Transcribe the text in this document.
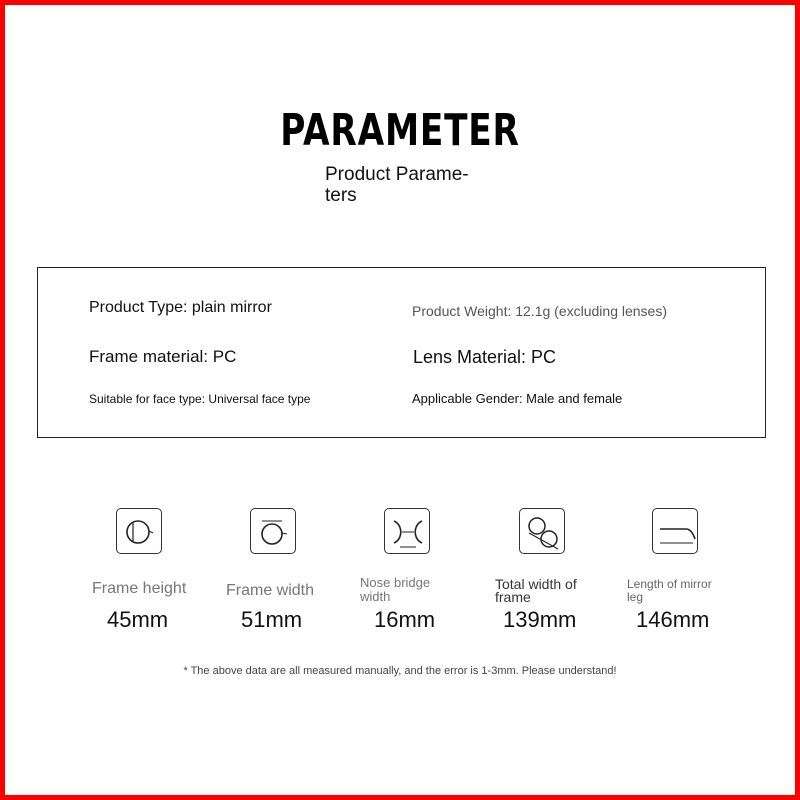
PARAMETER
Product Parame-
ters
Product Type: plain mirror	Product Weight: 12.1g (excluding lenses)
Frame material: PC	Lens Material: PC
Suitable for face type: Universal face type	Applicable Gender: Male and female
Frame height
45mm
Frame width
51mm
Nose bridge
width
16mm
Total width of
frame
139mm
Length of mirror
leg
146mm
* The above data are all measured manually, and the error is 1-3mm. Please understand!
